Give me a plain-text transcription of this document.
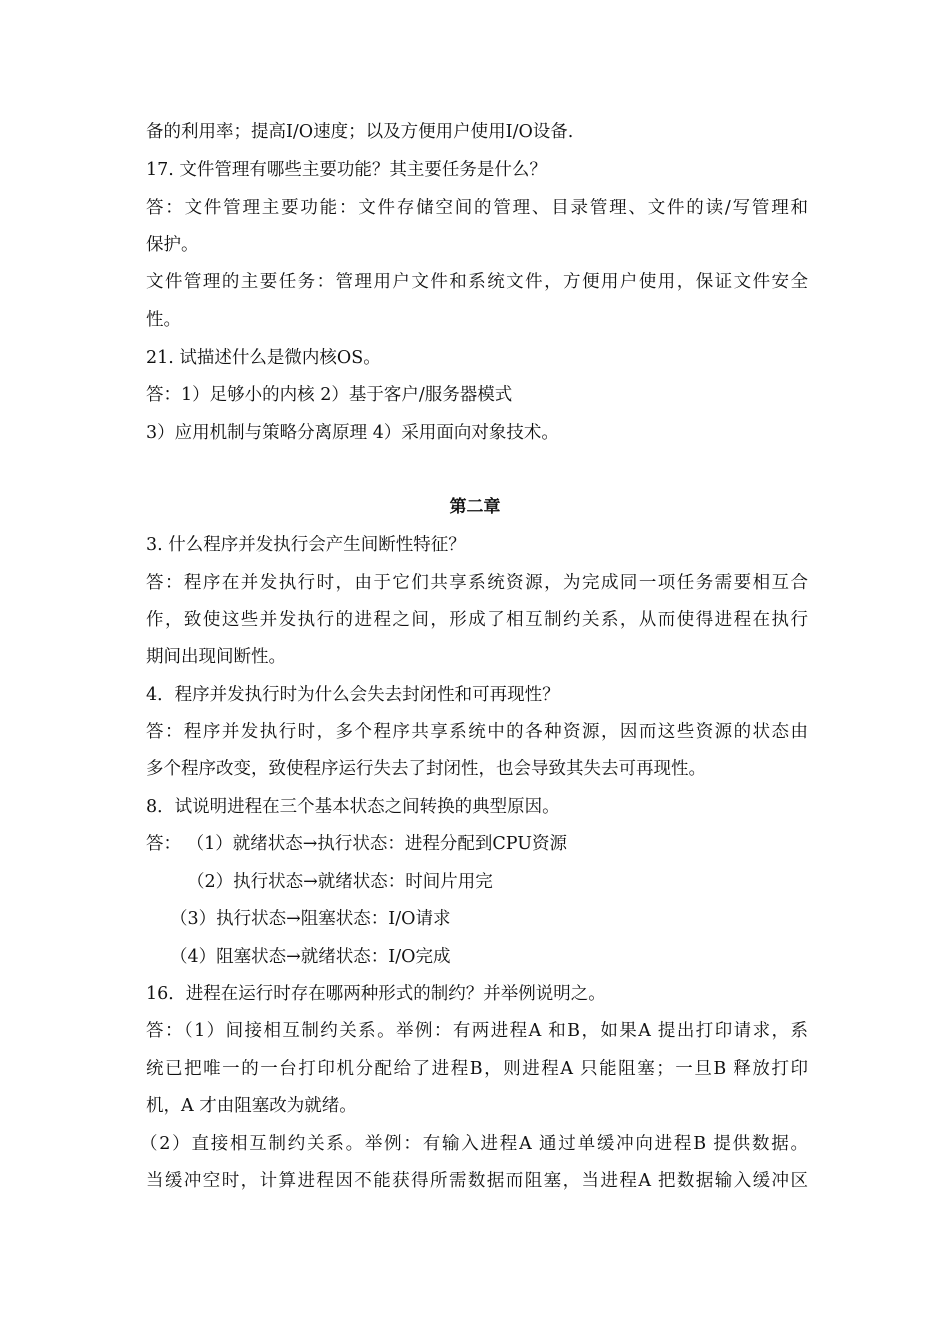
备的利用率；提高I/O速度；以及方便用户使用I/O设备.
17. 文件管理有哪些主要功能？其主要任务是什么？
答：文件管理主要功能：文件存储空间的管理、目录管理、文件的读/写管理和
保护。
文件管理的主要任务：管理用户文件和系统文件，方便用户使用，保证文件安全
性。
21. 试描述什么是微内核OS。
答：1）足够小的内核 2）基于客户/服务器模式
3）应用机制与策略分离原理 4）采用面向对象技术。
第二章
3. 什么程序并发执行会产生间断性特征？
答：程序在并发执行时，由于它们共享系统资源，为完成同一项任务需要相互合
作，致使这些并发执行的进程之间，形成了相互制约关系，从而使得进程在执行
期间出现间断性。
4．程序并发执行时为什么会失去封闭性和可再现性？
答：程序并发执行时，多个程序共享系统中的各种资源，因而这些资源的状态由
多个程序改变，致使程序运行失去了封闭性，也会导致其失去可再现性。
8．试说明进程在三个基本状态之间转换的典型原因。
答： （1）就绪状态→执行状态：进程分配到CPU资源
（2）执行状态→就绪状态：时间片用完
（3）执行状态→阻塞状态：I/O请求
（4）阻塞状态→就绪状态：I/O完成
16．进程在运行时存在哪两种形式的制约？并举例说明之。
答：（1）间接相互制约关系。举例：有两进程A 和B，如果A 提出打印请求，系
统已把唯一的一台打印机分配给了进程B，则进程A 只能阻塞；一旦B 释放打印
机，A 才由阻塞改为就绪。
（2）直接相互制约关系。举例：有输入进程A 通过单缓冲向进程B 提供数据。
当缓冲空时，计算进程因不能获得所需数据而阻塞，当进程A 把数据输入缓冲区
